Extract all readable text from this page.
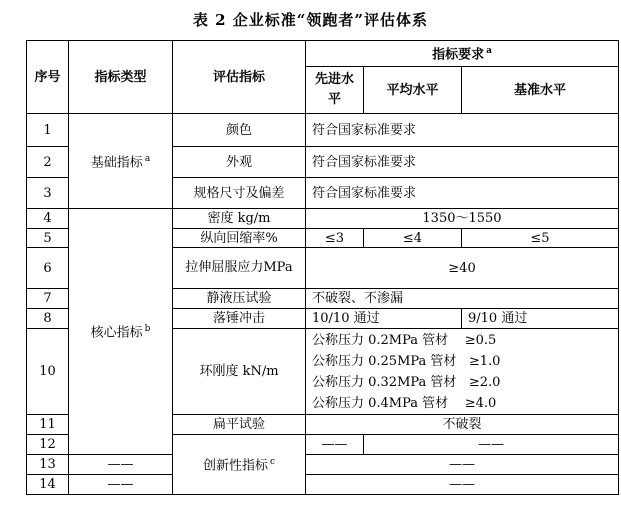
表 2 企业标准“领跑者”评估体系
序号	指标类型	评估指标	指标要求 $^a$
			先进水平	平均水平	基准水平
1	基础指标 $^a$	颜色	符合国家标准要求		
2		外观	符合国家标准要求		
3		规格尺寸及偏差	符合国家标准要求		
4	核心指标 $^b$	密度 kg/m	1350～1550		
5		纵向回缩率%	≤3	≤4	≤5
6		拉伸屈服应力MPa	≥40		
7		静液压试验	不破裂、不渗漏		
8		落锤冲击	10/10 通过		9/10 通过
10		环刚度 kN/m	公称压力 0.2MPa 管材    ≥0.5
公称压力 0.25MPa 管材   ≥1.0
公称压力 0.32MPa 管材   ≥2.0
公称压力 0.4MPa 管材    ≥4.0		

11		扁平试验	不破裂		
12		创新性指标 $^c$	——	——	
13	——		——		
14	——		——		
